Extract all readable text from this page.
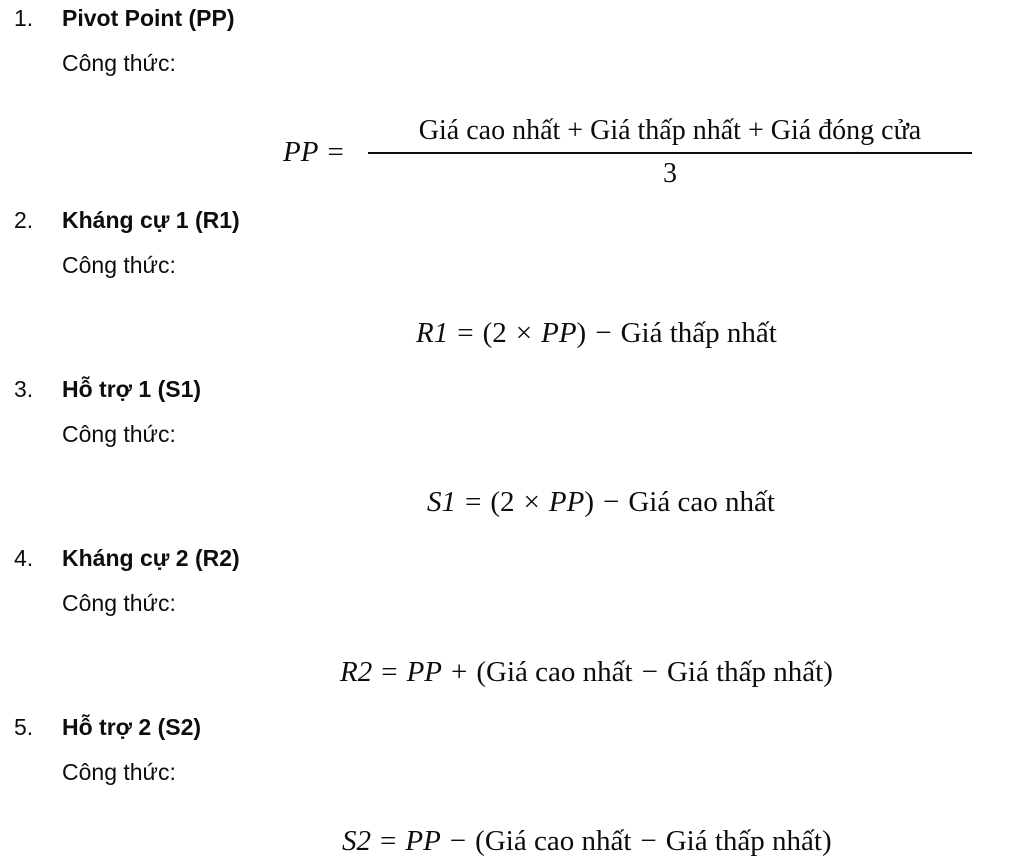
1. Pivot Point (PP)
Công thức:
PP =
Giá cao nhất + Giá thấp nhất + Giá đóng cửa
3
2. Kháng cự 1 (R1)
Công thức:
R1 = (2 × PP) − Giá thấp nhất
3. Hỗ trợ 1 (S1)
Công thức:
S1 = (2 × PP) − Giá cao nhất
4. Kháng cự 2 (R2)
Công thức:
R2 = PP + (Giá cao nhất − Giá thấp nhất)
5. Hỗ trợ 2 (S2)
Công thức:
S2 = PP − (Giá cao nhất − Giá thấp nhất)
